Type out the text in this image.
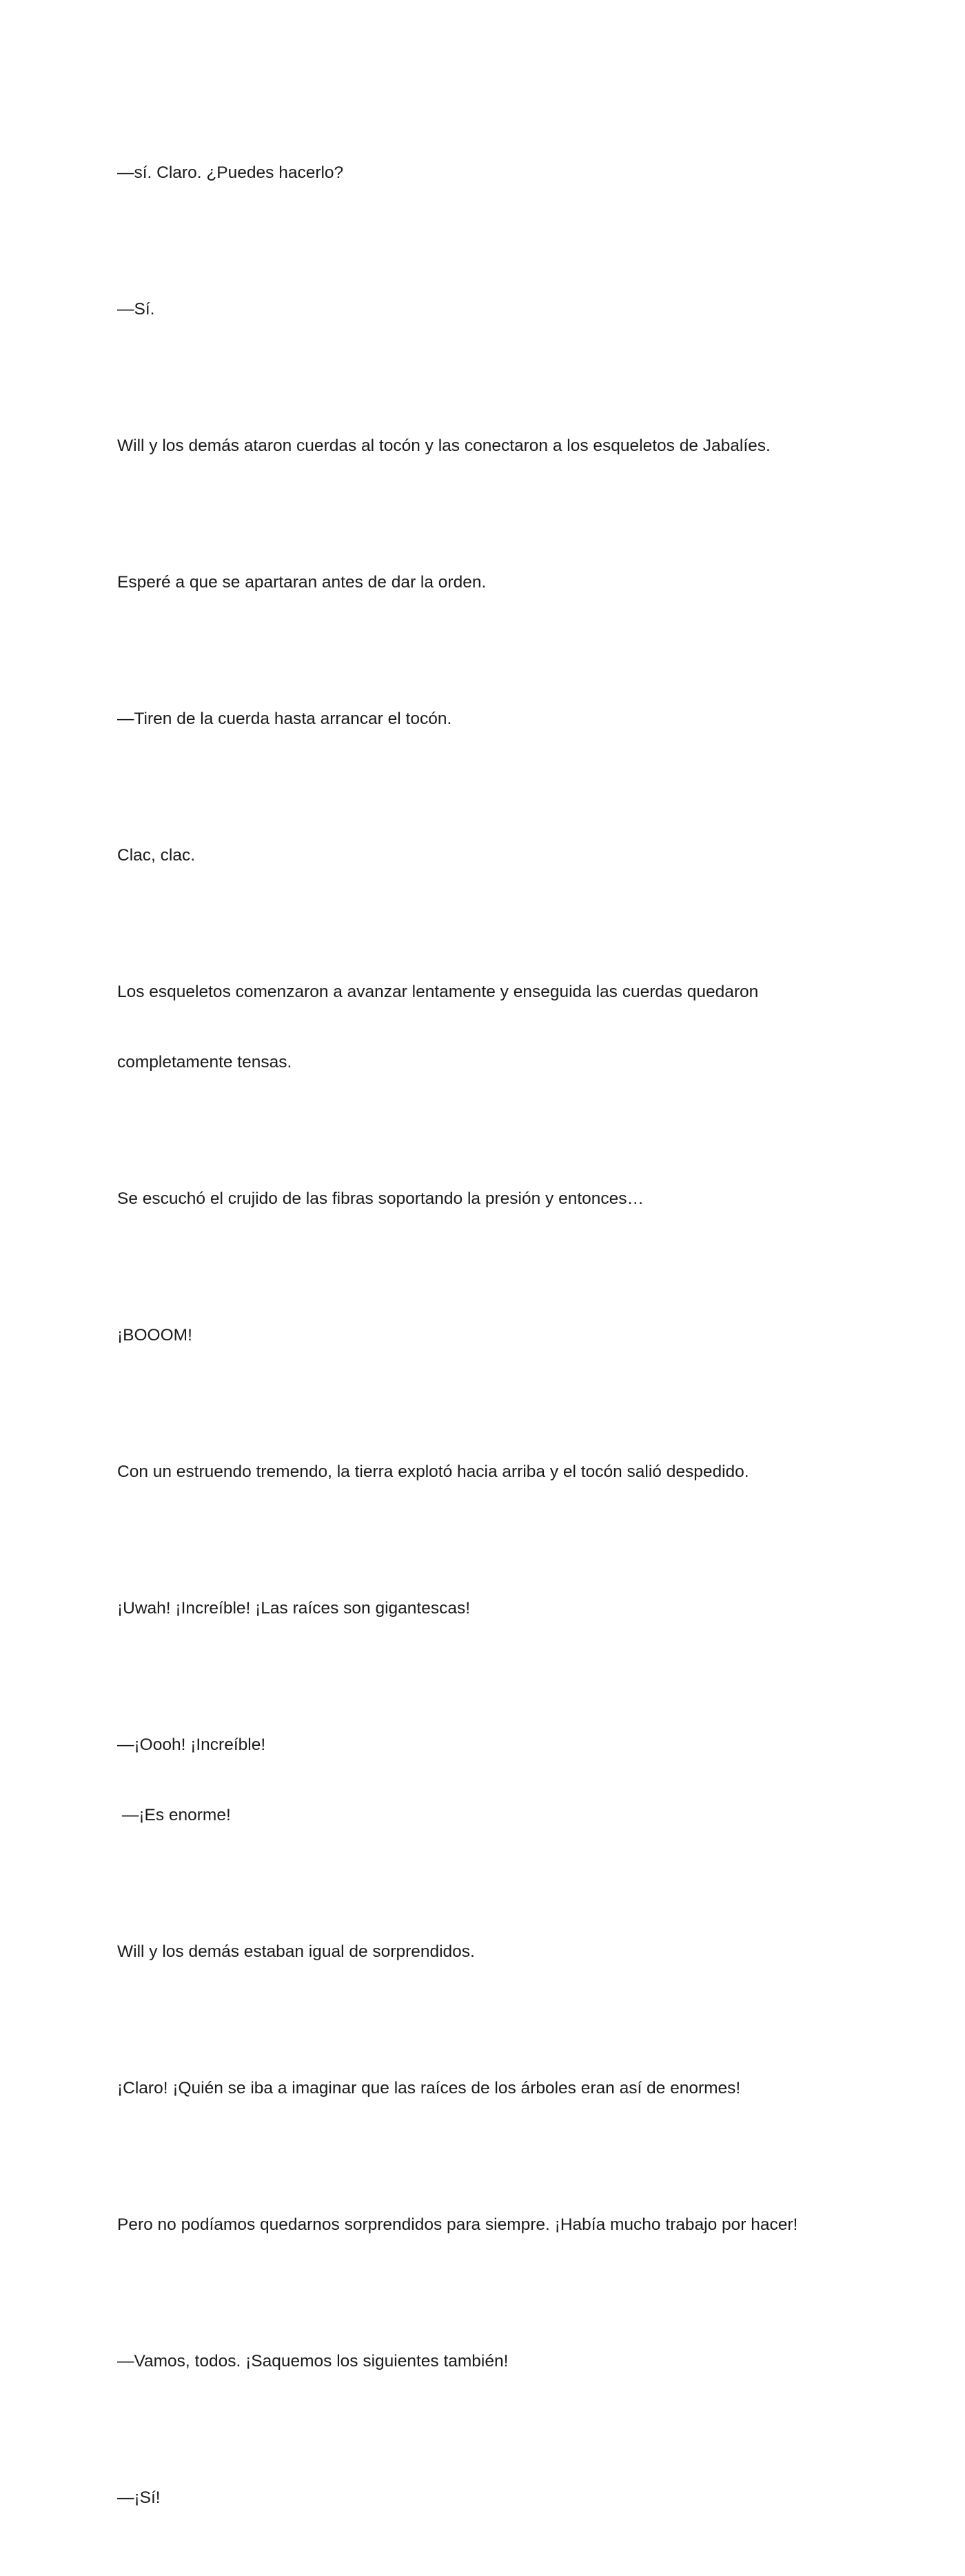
—sí. Claro. ¿Puedes hacerlo?

—Sí.

Will y los demás ataron cuerdas al tocón y las conectaron a los esqueletos de Jabalíes.

Esperé a que se apartaran antes de dar la orden.

—Tiren de la cuerda hasta arrancar el tocón.

Clac, clac.

Los esqueletos comenzaron a avanzar lentamente y enseguida las cuerdas quedaron

completamente tensas.

Se escuchó el crujido de las fibras soportando la presión y entonces…

¡BOOOM!

Con un estruendo tremendo, la tierra explotó hacia arriba y el tocón salió despedido.

¡Uwah! ¡Increíble! ¡Las raíces son gigantescas!

—¡Oooh! ¡Increíble!

—¡Es enorme!

Will y los demás estaban igual de sorprendidos.

¡Claro! ¡Quién se iba a imaginar que las raíces de los árboles eran así de enormes!

Pero no podíamos quedarnos sorprendidos para siempre. ¡Había mucho trabajo por hacer!

—Vamos, todos. ¡Saquemos los siguientes también!

—¡Sí!
